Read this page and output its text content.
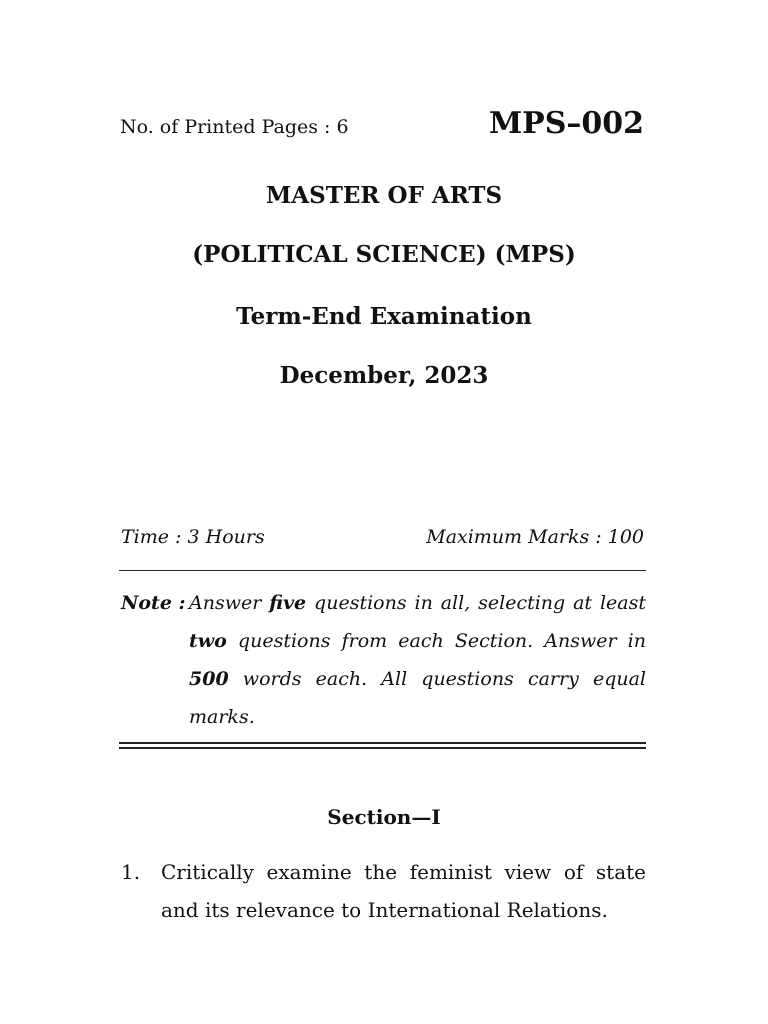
No. of Printed Pages : 6	MPS–002
MASTER OF ARTS
(POLITICAL SCIENCE) (MPS)
Term-End Examination
December, 2023
Time : 3 Hours	Maximum Marks : 100
Note : Answer five questions in all, selecting at least two questions from each Section. Answer in 500 words each. All questions carry equal marks.
Section—I
1. Critically examine the feminist view of state and its relevance to International Relations.
